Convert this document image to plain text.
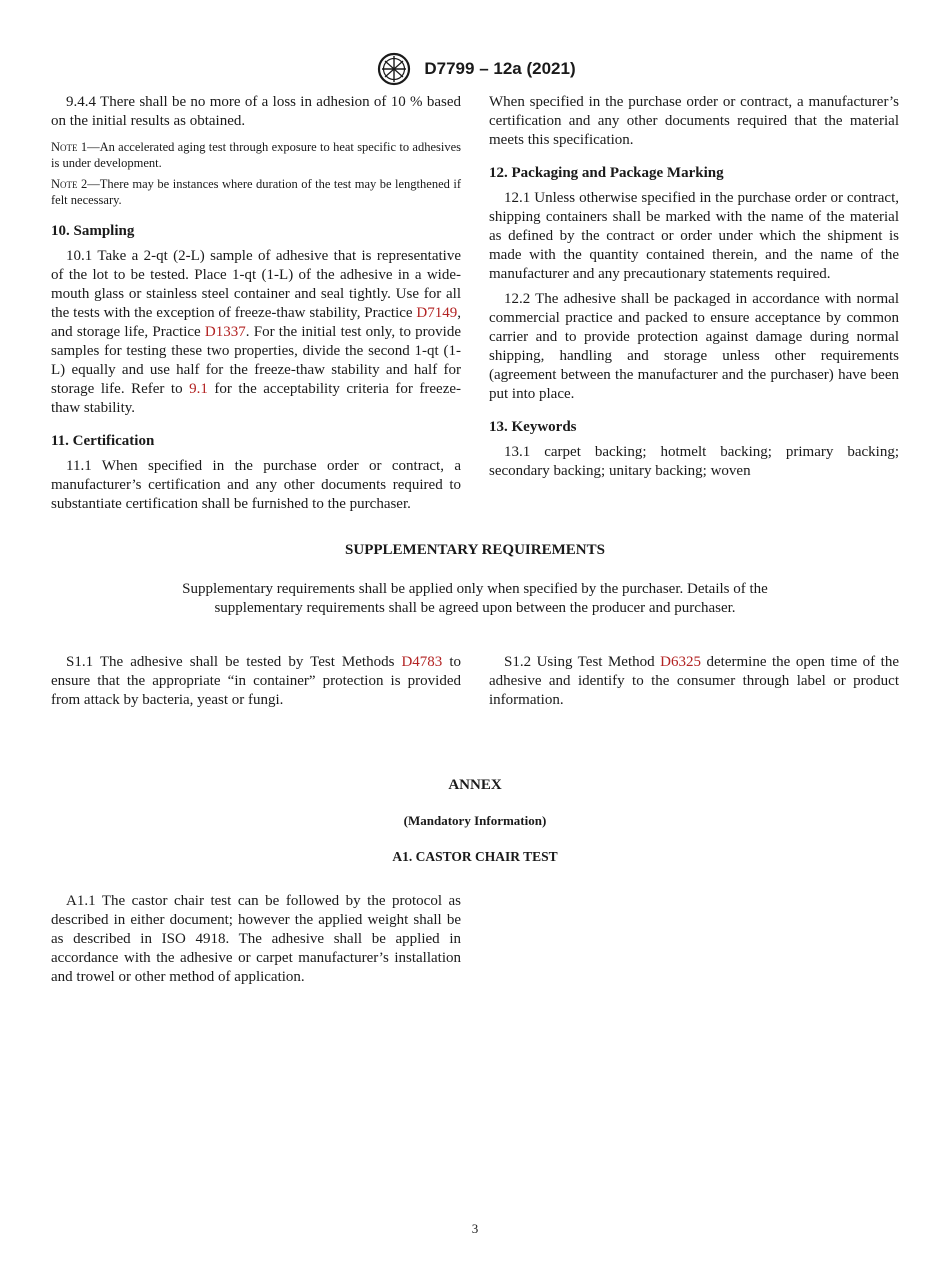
D7799 – 12a (2021)

9.4.4 There shall be no more of a loss in adhesion of 10 % based on the initial results as obtained.

Note 1—An accelerated aging test through exposure to heat specific to adhesives is under development.

Note 2—There may be instances where duration of the test may be lengthened if felt necessary.

10. Sampling

10.1 Take a 2-qt (2-L) sample of adhesive that is representative of the lot to be tested. Place 1-qt (1-L) of the adhesive in a wide-mouth glass or stainless steel container and seal tightly. Use for all the tests with the exception of freeze-thaw stability, Practice D7149, and storage life, Practice D1337. For the initial test only, to provide samples for testing these two properties, divide the second 1-qt (1-L) equally and use half for the freeze-thaw stability and half for storage life. Refer to 9.1 for the acceptability criteria for freeze-thaw stability.

11. Certification

11.1 When specified in the purchase order or contract, a manufacturer’s certification and any other documents required to substantiate certification shall be furnished to the purchaser.

When specified in the purchase order or contract, a manufacturer’s certification and any other documents required that the material meets this specification.

12. Packaging and Package Marking

12.1 Unless otherwise specified in the purchase order or contract, shipping containers shall be marked with the name of the material as defined by the contract or order under which the shipment is made with the quantity contained therein, and the name of the manufacturer and any precautionary statements required.

12.2 The adhesive shall be packaged in accordance with normal commercial practice and packed to ensure acceptance by common carrier and to provide protection against damage during normal shipping, handling and storage unless other requirements (agreement between the manufacturer and the purchaser) have been put into place.

13. Keywords

13.1 carpet backing; hotmelt backing; primary backing; secondary backing; unitary backing; woven

SUPPLEMENTARY REQUIREMENTS
Supplementary requirements shall be applied only when specified by the purchaser. Details of the supplementary requirements shall be agreed upon between the producer and purchaser.

S1.1 The adhesive shall be tested by Test Methods D4783 to ensure that the appropriate “in container” protection is provided from attack by bacteria, yeast or fungi.

S1.2 Using Test Method D6325 determine the open time of the adhesive and identify to the consumer through label or product information.

ANNEX
(Mandatory Information)
A1. CASTOR CHAIR TEST

A1.1 The castor chair test can be followed by the protocol as described in either document; however the applied weight shall be as described in ISO 4918. The adhesive shall be applied in accordance with the adhesive or carpet manufacturer’s installation and trowel or other method of application.

3
